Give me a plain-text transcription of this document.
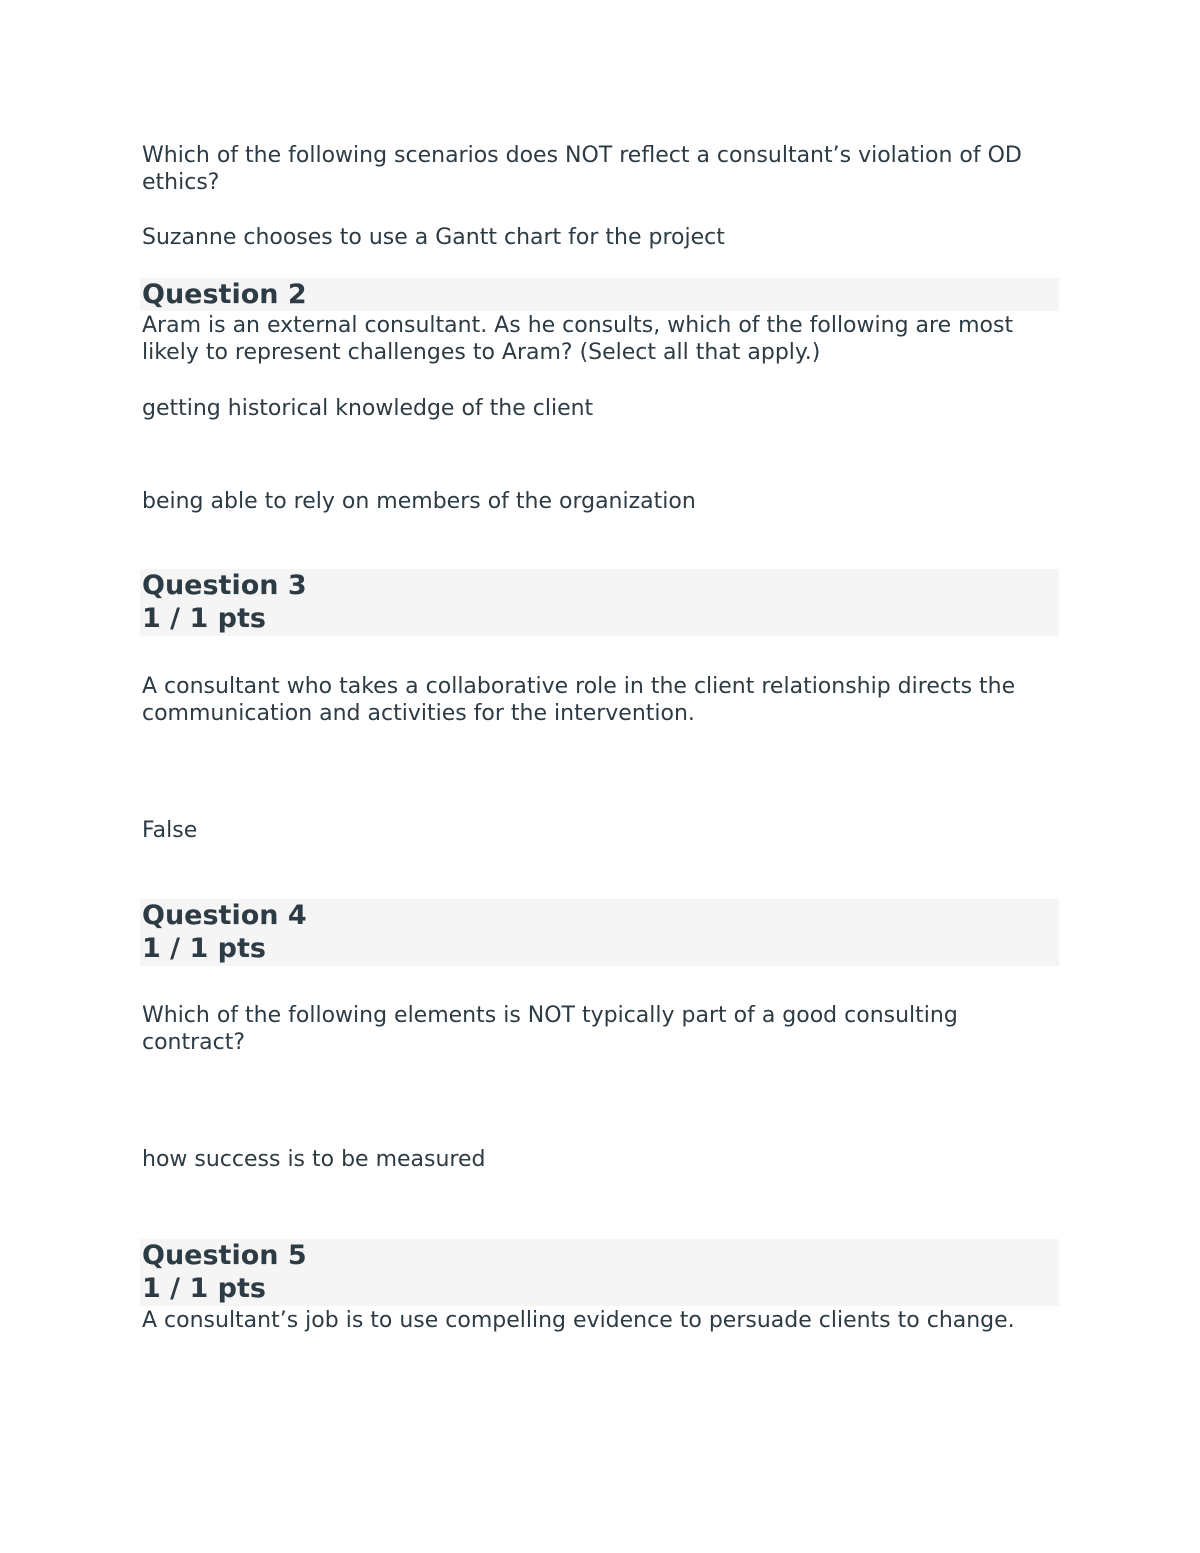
Which of the following scenarios does NOT reflect a consultant’s violation of OD ethics?

Suzanne chooses to use a Gantt chart for the project

Question 2

Aram is an external consultant. As he consults, which of the following are most likely to represent challenges to Aram? (Select all that apply.)

getting historical knowledge of the client

being able to rely on members of the organization

Question 3
1 / 1 pts

A consultant who takes a collaborative role in the client relationship directs the communication and activities for the intervention.

False

Question 4
1 / 1 pts

Which of the following elements is NOT typically part of a good consulting contract?

how success is to be measured

Question 5
1 / 1 pts

A consultant’s job is to use compelling evidence to persuade clients to change.
